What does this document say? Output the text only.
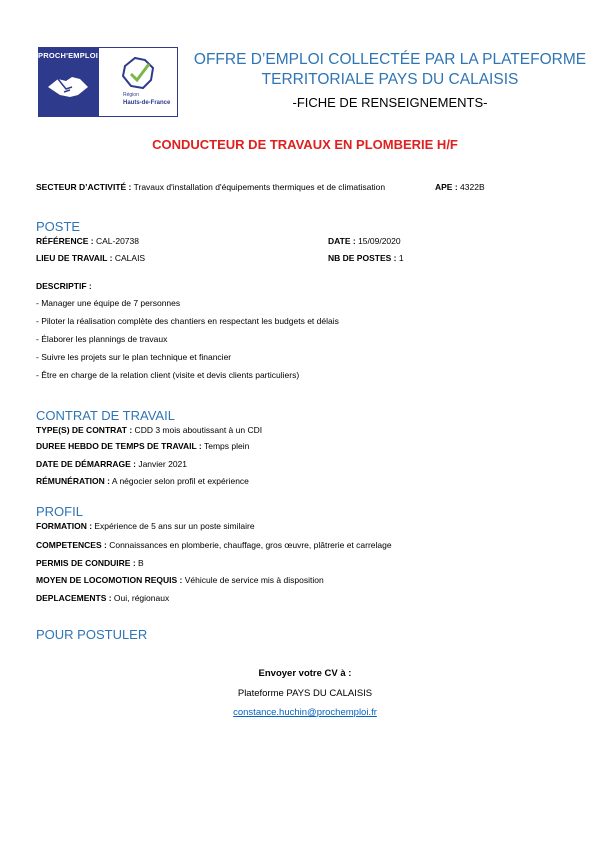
PROCH'EMPLOI
Région
Hauts-de-France
OFFRE D’EMPLOI COLLECTÉE PAR LA PLATEFORME
TERRITORIALE PAYS DU CALAISIS
-FICHE DE RENSEIGNEMENTS-
CONDUCTEUR DE TRAVAUX EN PLOMBERIE H/F
SECTEUR D’ACTIVITÉ : Travaux d'installation d'équipements thermiques et de climatisation	APE : 4322B
POSTE
RÉFÉRENCE : CAL-20738	DATE : 15/09/2020
LIEU DE TRAVAIL : CALAIS	NB DE POSTES : 1
DESCRIPTIF :
- Manager une équipe de 7 personnes
- Piloter la réalisation complète des chantiers en respectant les budgets et délais
- Élaborer les plannings de travaux
- Suivre les projets sur le plan technique et financier
- Être en charge de la relation client (visite et devis clients particuliers)
CONTRAT DE TRAVAIL
TYPE(S) DE CONTRAT : CDD 3 mois aboutissant à un CDI
DUREE HEBDO DE TEMPS DE TRAVAIL : Temps plein
DATE DE DÉMARRAGE : Janvier 2021
RÉMUNÉRATION : A négocier selon profil et expérience
PROFIL
FORMATION : Expérience de 5 ans sur un poste similaire
COMPETENCES : Connaissances en plomberie, chauffage, gros œuvre, plâtrerie et carrelage
PERMIS DE CONDUIRE : B
MOYEN DE LOCOMOTION REQUIS : Véhicule de service mis à disposition
DEPLACEMENTS : Oui, régionaux
POUR POSTULER
Envoyer votre CV à :
Plateforme PAYS DU CALAISIS
constance.huchin@prochemploi.fr
